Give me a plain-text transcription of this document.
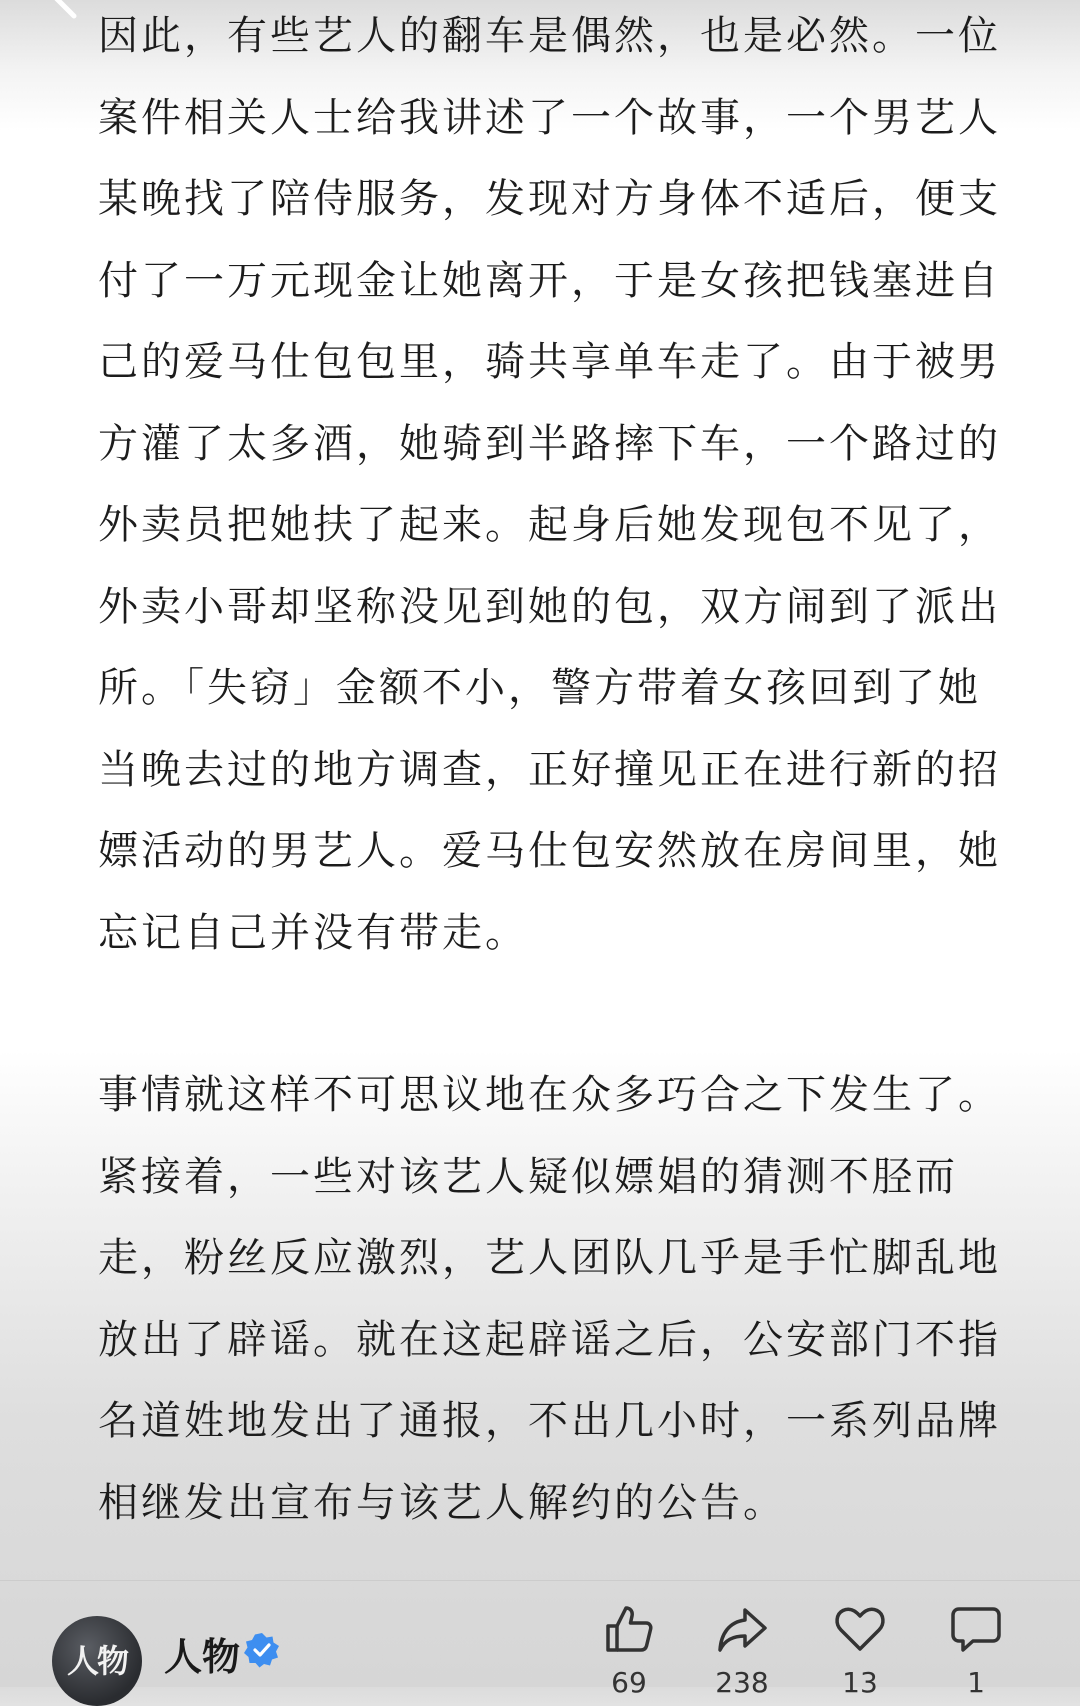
因此，有些艺人的翻车是偶然，也是必然。一位

案件相关人士给我讲述了一个故事，一个男艺人

某晚找了陪侍服务，发现对方身体不适后，便支

付了一万元现金让她离开，于是女孩把钱塞进自

己的爱马仕包包里，骑共享单车走了。由于被男

方灌了太多酒，她骑到半路摔下车，一个路过的

外卖员把她扶了起来。起身后她发现包不见了，

外卖小哥却坚称没见到她的包，双方闹到了派出

所。「失窃」金额不小，警方带着女孩回到了她

当晚去过的地方调查，正好撞见正在进行新的招

嫖活动的男艺人。爱马仕包安然放在房间里，她

忘记自己并没有带走。

事情就这样不可思议地在众多巧合之下发生了。

紧接着，一些对该艺人疑似嫖娼的猜测不胫而

走，粉丝反应激烈，艺人团队几乎是手忙脚乱地

放出了辟谣。就在这起辟谣之后，公安部门不指

名道姓地发出了通报，不出几小时，一系列品牌

相继发出宣布与该艺人解约的公告。

人物 人物
69	238	13	1
